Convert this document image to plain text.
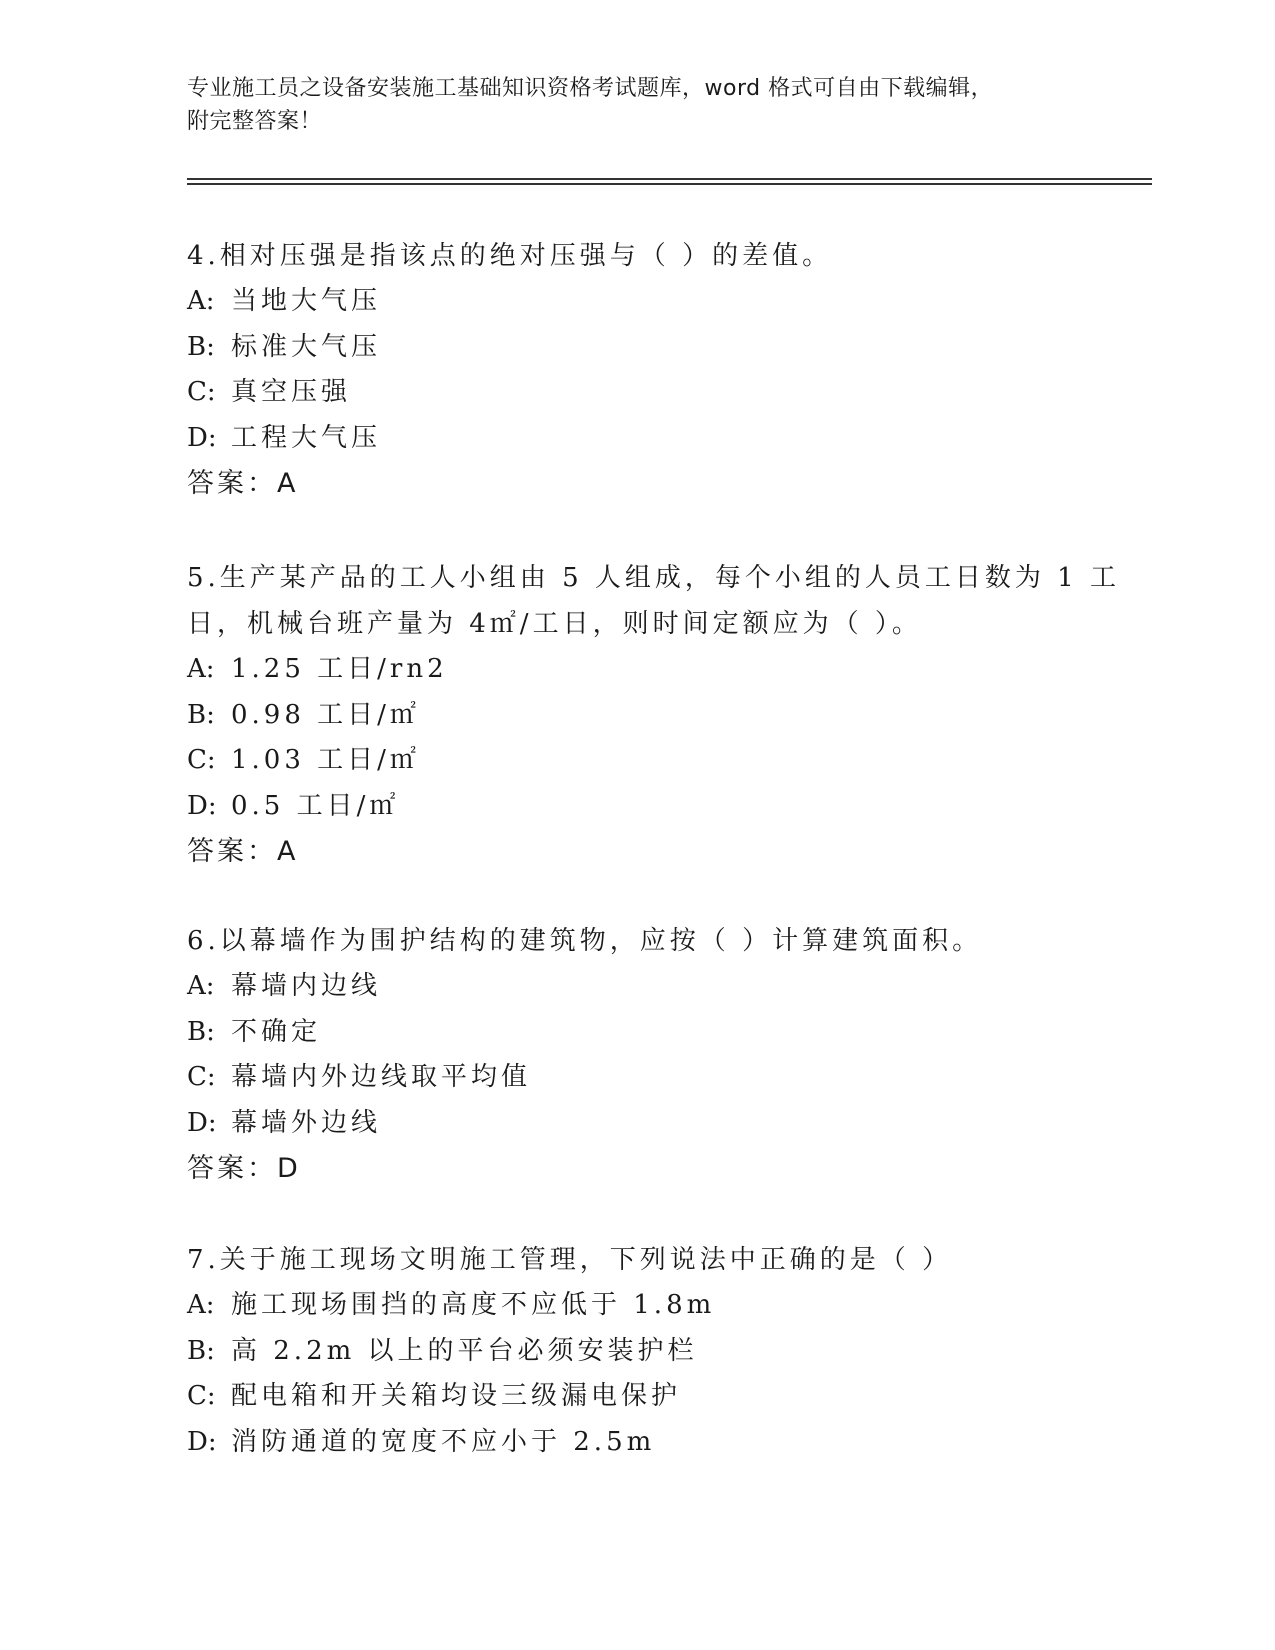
专业施工员之设备安装施工基础知识资格考试题库，word 格式可自由下载编辑，
附完整答案！
4.相对压强是指该点的绝对压强与（ ）的差值。
A: 当地大气压
B: 标准大气压
C: 真空压强
D: 工程大气压
答案：A
5.生产某产品的工人小组由 5 人组成，每个小组的人员工日数为 1 工
日，机械台班产量为 4㎡/工日，则时间定额应为（ ）。
A: 1.25 工日/rn2
B: 0.98 工日/㎡
C: 1.03 工日/㎡
D: 0.5 工日/㎡
答案：A
6.以幕墙作为围护结构的建筑物，应按（ ）计算建筑面积。
A: 幕墙内边线
B: 不确定
C: 幕墙内外边线取平均值
D: 幕墙外边线
答案：D
7.关于施工现场文明施工管理，下列说法中正确的是（ ）
A: 施工现场围挡的高度不应低于 1.8m
B: 高 2.2m 以上的平台必须安装护栏
C: 配电箱和开关箱均设三级漏电保护
D: 消防通道的宽度不应小于 2.5m
